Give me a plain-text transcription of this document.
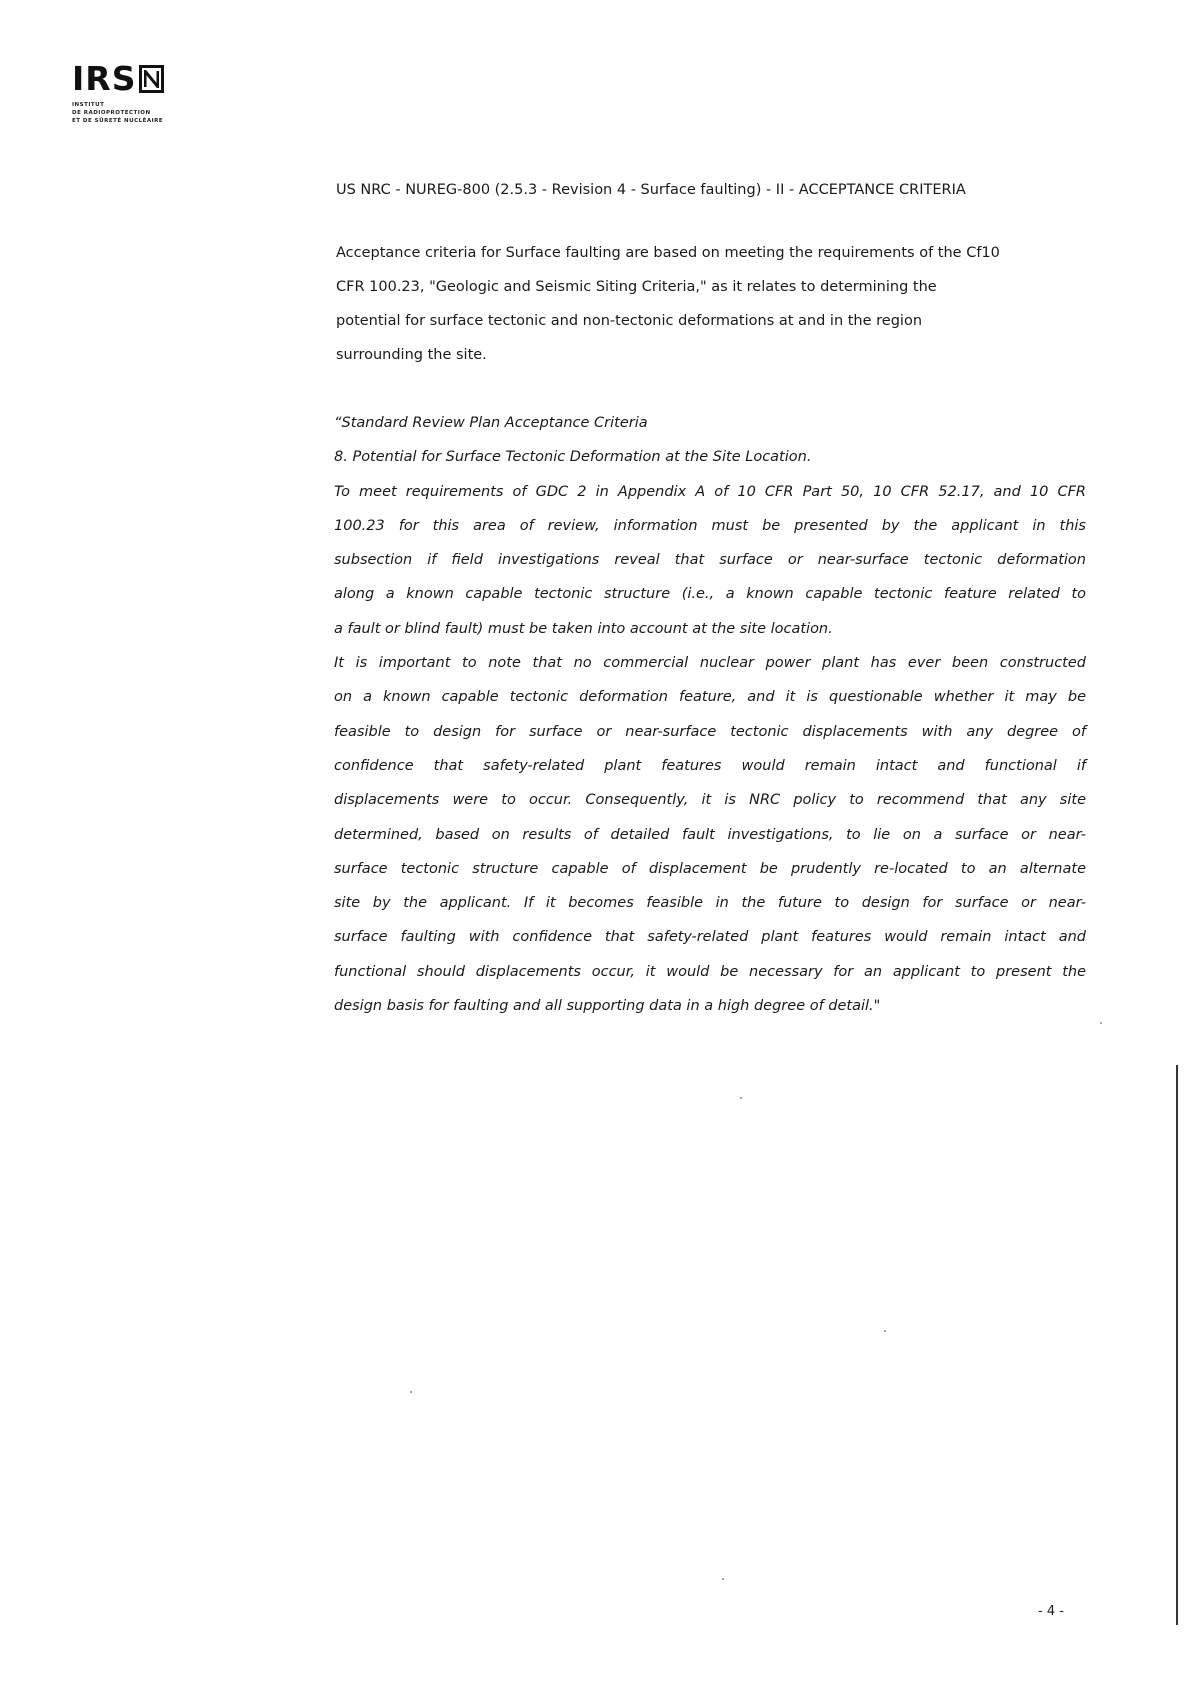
IRS
INSTITUT
DE RADIOPROTECTION
ET DE SÛRETÉ NUCLÉAIRE
US NRC - NUREG-800 (2.5.3 - Revision 4 - Surface faulting) - II - ACCEPTANCE CRITERIA

Acceptance criteria for Surface faulting are based on meeting the requirements of the Cf10
CFR 100.23, "Geologic and Seismic Siting Criteria," as it relates to determining the
potential for surface tectonic and non-tectonic deformations at and in the region
surrounding the site.

“Standard Review Plan Acceptance Criteria
8. Potential for Surface Tectonic Deformation at the Site Location.
To meet requirements of GDC 2 in Appendix A of 10 CFR Part 50, 10 CFR 52.17, and 10 CFR
100.23 for this area of review, information must be presented by the applicant in this
subsection if field investigations reveal that surface or near-surface tectonic deformation
along a known capable tectonic structure (i.e., a known capable tectonic feature related to
a fault or blind fault) must be taken into account at the site location.
It is important to note that no commercial nuclear power plant has ever been constructed
on a known capable tectonic deformation feature, and it is questionable whether it may be
feasible to design for surface or near-surface tectonic displacements with any degree of
confidence that safety-related plant features would remain intact and functional if
displacements were to occur. Consequently, it is NRC policy to recommend that any site
determined, based on results of detailed fault investigations, to lie on a surface or near-
surface tectonic structure capable of displacement be prudently re-located to an alternate
site by the applicant. If it becomes feasible in the future to design for surface or near-
surface faulting with confidence that safety-related plant features would remain intact and
functional should displacements occur, it would be necessary for an applicant to present the
design basis for faulting and all supporting data in a high degree of detail."
- 4 -
